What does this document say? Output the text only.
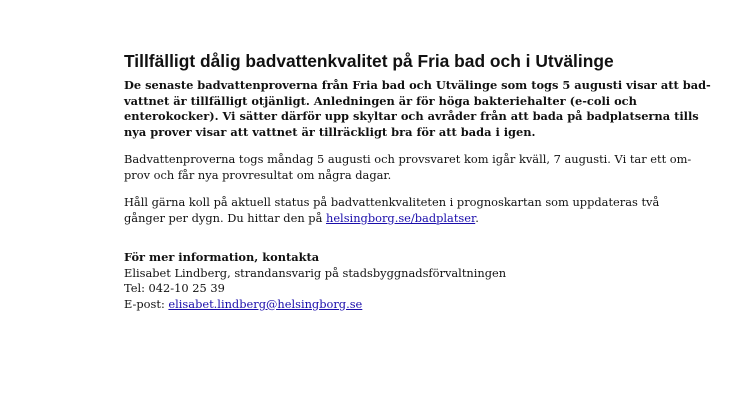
Tillfälligt dålig badvattenkvalitet på Fria bad och i Utvälinge

De senaste badvattenproverna från Fria bad och Utvälinge som togs 5 augusti visar att bad-
vattnet är tillfälligt otjänligt. Anledningen är för höga bakteriehalter (e-coli och
enterokocker). Vi sätter därför upp skyltar och avråder från att bada på badplatserna tills
nya prover visar att vattnet är tillräckligt bra för att bada i igen.

Badvattenproverna togs måndag 5 augusti och provsvaret kom igår kväll, 7 augusti. Vi tar ett om-
prov och får nya provresultat om några dagar.

Håll gärna koll på aktuell status på badvattenkvaliteten i prognoskartan som uppdateras två
gånger per dygn. Du hittar den på helsingborg.se/badplatser.

För mer information, kontakta
Elisabet Lindberg, strandansvarig på stadsbyggnadsförvaltningen
Tel: 042-10 25 39
E-post: elisabet.lindberg@helsingborg.se
